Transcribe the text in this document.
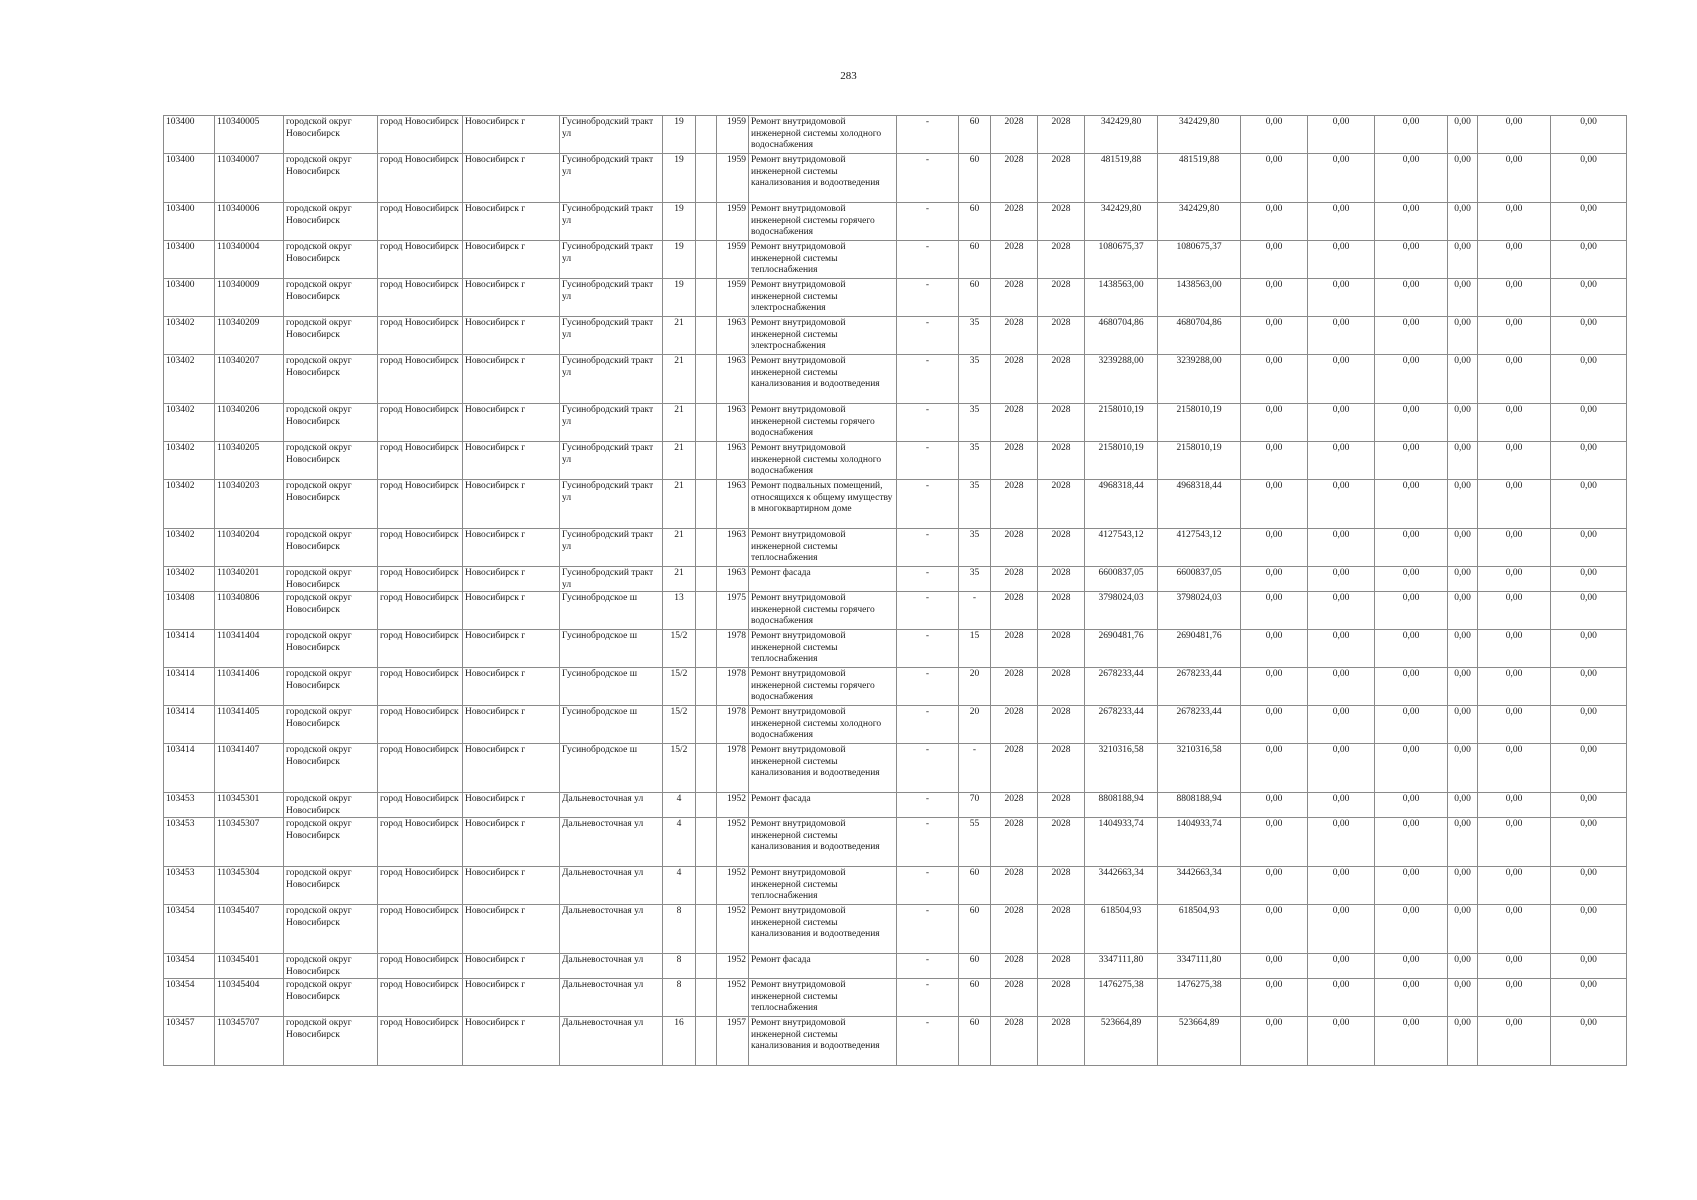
283
103400	110340005	городской округ Новосибирск	город Новосибирск	Новосибирск г	Гусинобродский тракт ул	19		1959	Ремонт внутридомовой инженерной системы холодного водоснабжения	-	60	2028	2028	342429,80	342429,80	0,00	0,00	0,00	0,00	0,00	0,00
103400	110340007	городской округ Новосибирск	город Новосибирск	Новосибирск г	Гусинобродский тракт ул	19		1959	Ремонт внутридомовой инженерной системы канализования и водоотведения	-	60	2028	2028	481519,88	481519,88	0,00	0,00	0,00	0,00	0,00	0,00
103400	110340006	городской округ Новосибирск	город Новосибирск	Новосибирск г	Гусинобродский тракт ул	19		1959	Ремонт внутридомовой инженерной системы горячего водоснабжения	-	60	2028	2028	342429,80	342429,80	0,00	0,00	0,00	0,00	0,00	0,00
103400	110340004	городской округ Новосибирск	город Новосибирск	Новосибирск г	Гусинобродский тракт ул	19		1959	Ремонт внутридомовой инженерной системы теплоснабжения	-	60	2028	2028	1080675,37	1080675,37	0,00	0,00	0,00	0,00	0,00	0,00
103400	110340009	городской округ Новосибирск	город Новосибирск	Новосибирск г	Гусинобродский тракт ул	19		1959	Ремонт внутридомовой инженерной системы электроснабжения	-	60	2028	2028	1438563,00	1438563,00	0,00	0,00	0,00	0,00	0,00	0,00
103402	110340209	городской округ Новосибирск	город Новосибирск	Новосибирск г	Гусинобродский тракт ул	21		1963	Ремонт внутридомовой инженерной системы электроснабжения	-	35	2028	2028	4680704,86	4680704,86	0,00	0,00	0,00	0,00	0,00	0,00
103402	110340207	городской округ Новосибирск	город Новосибирск	Новосибирск г	Гусинобродский тракт ул	21		1963	Ремонт внутридомовой инженерной системы канализования и водоотведения	-	35	2028	2028	3239288,00	3239288,00	0,00	0,00	0,00	0,00	0,00	0,00
103402	110340206	городской округ Новосибирск	город Новосибирск	Новосибирск г	Гусинобродский тракт ул	21		1963	Ремонт внутридомовой инженерной системы горячего водоснабжения	-	35	2028	2028	2158010,19	2158010,19	0,00	0,00	0,00	0,00	0,00	0,00
103402	110340205	городской округ Новосибирск	город Новосибирск	Новосибирск г	Гусинобродский тракт ул	21		1963	Ремонт внутридомовой инженерной системы холодного водоснабжения	-	35	2028	2028	2158010,19	2158010,19	0,00	0,00	0,00	0,00	0,00	0,00
103402	110340203	городской округ Новосибирск	город Новосибирск	Новосибирск г	Гусинобродский тракт ул	21		1963	Ремонт подвальных помещений, относящихся к общему имуществу в многоквартирном доме	-	35	2028	2028	4968318,44	4968318,44	0,00	0,00	0,00	0,00	0,00	0,00
103402	110340204	городской округ Новосибирск	город Новосибирск	Новосибирск г	Гусинобродский тракт ул	21		1963	Ремонт внутридомовой инженерной системы теплоснабжения	-	35	2028	2028	4127543,12	4127543,12	0,00	0,00	0,00	0,00	0,00	0,00
103402	110340201	городской округ Новосибирск	город Новосибирск	Новосибирск г	Гусинобродский тракт ул	21		1963	Ремонт фасада	-	35	2028	2028	6600837,05	6600837,05	0,00	0,00	0,00	0,00	0,00	0,00
103408	110340806	городской округ Новосибирск	город Новосибирск	Новосибирск г	Гусинобродское ш	13		1975	Ремонт внутридомовой инженерной системы горячего водоснабжения	-	-	2028	2028	3798024,03	3798024,03	0,00	0,00	0,00	0,00	0,00	0,00
103414	110341404	городской округ Новосибирск	город Новосибирск	Новосибирск г	Гусинобродское ш	15/2		1978	Ремонт внутридомовой инженерной системы теплоснабжения	-	15	2028	2028	2690481,76	2690481,76	0,00	0,00	0,00	0,00	0,00	0,00
103414	110341406	городской округ Новосибирск	город Новосибирск	Новосибирск г	Гусинобродское ш	15/2		1978	Ремонт внутридомовой инженерной системы горячего водоснабжения	-	20	2028	2028	2678233,44	2678233,44	0,00	0,00	0,00	0,00	0,00	0,00
103414	110341405	городской округ Новосибирск	город Новосибирск	Новосибирск г	Гусинобродское ш	15/2		1978	Ремонт внутридомовой инженерной системы холодного водоснабжения	-	20	2028	2028	2678233,44	2678233,44	0,00	0,00	0,00	0,00	0,00	0,00
103414	110341407	городской округ Новосибирск	город Новосибирск	Новосибирск г	Гусинобродское ш	15/2		1978	Ремонт внутридомовой инженерной системы канализования и водоотведения	-	-	2028	2028	3210316,58	3210316,58	0,00	0,00	0,00	0,00	0,00	0,00
103453	110345301	городской округ Новосибирск	город Новосибирск	Новосибирск г	Дальневосточная ул	4		1952	Ремонт фасада	-	70	2028	2028	8808188,94	8808188,94	0,00	0,00	0,00	0,00	0,00	0,00
103453	110345307	городской округ Новосибирск	город Новосибирск	Новосибирск г	Дальневосточная ул	4		1952	Ремонт внутридомовой инженерной системы канализования и водоотведения	-	55	2028	2028	1404933,74	1404933,74	0,00	0,00	0,00	0,00	0,00	0,00
103453	110345304	городской округ Новосибирск	город Новосибирск	Новосибирск г	Дальневосточная ул	4		1952	Ремонт внутридомовой инженерной системы теплоснабжения	-	60	2028	2028	3442663,34	3442663,34	0,00	0,00	0,00	0,00	0,00	0,00
103454	110345407	городской округ Новосибирск	город Новосибирск	Новосибирск г	Дальневосточная ул	8		1952	Ремонт внутридомовой инженерной системы канализования и водоотведения	-	60	2028	2028	618504,93	618504,93	0,00	0,00	0,00	0,00	0,00	0,00
103454	110345401	городской округ Новосибирск	город Новосибирск	Новосибирск г	Дальневосточная ул	8		1952	Ремонт фасада	-	60	2028	2028	3347111,80	3347111,80	0,00	0,00	0,00	0,00	0,00	0,00
103454	110345404	городской округ Новосибирск	город Новосибирск	Новосибирск г	Дальневосточная ул	8		1952	Ремонт внутридомовой инженерной системы теплоснабжения	-	60	2028	2028	1476275,38	1476275,38	0,00	0,00	0,00	0,00	0,00	0,00
103457	110345707	городской округ Новосибирск	город Новосибирск	Новосибирск г	Дальневосточная ул	16		1957	Ремонт внутридомовой инженерной системы канализования и водоотведения	-	60	2028	2028	523664,89	523664,89	0,00	0,00	0,00	0,00	0,00	0,00
